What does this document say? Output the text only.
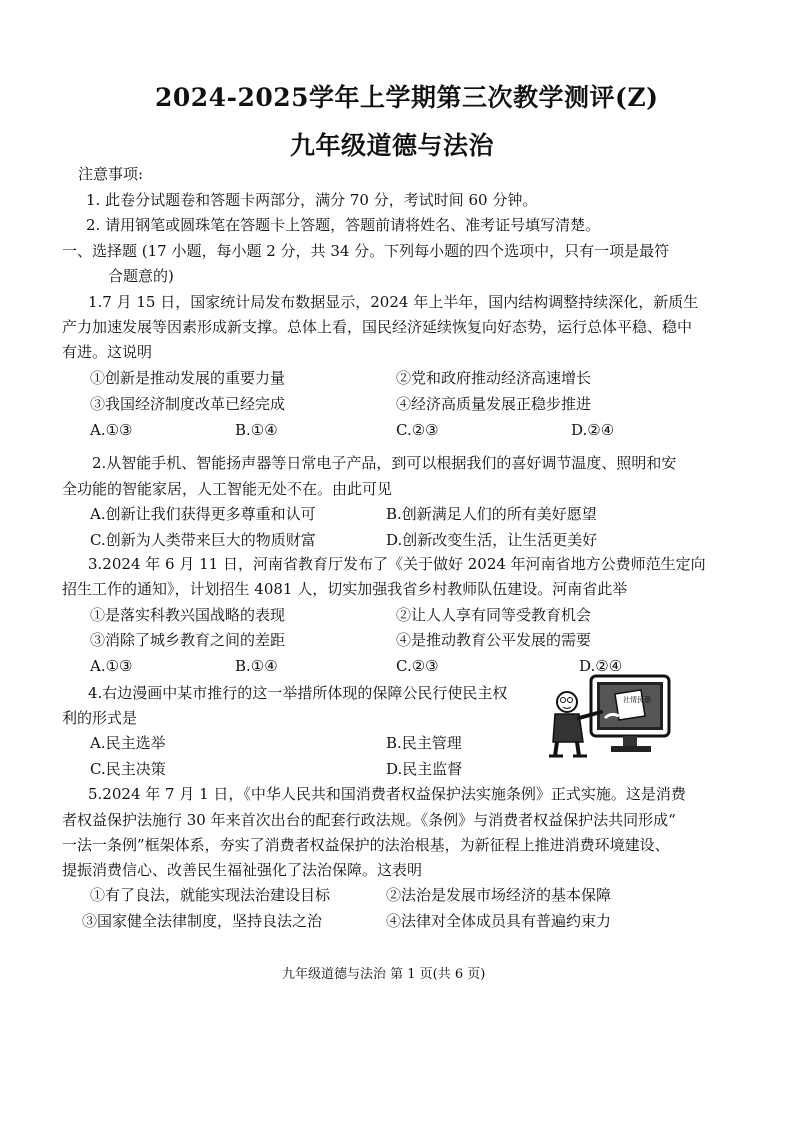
2024-2025学年上学期第三次教学测评(Z)
九年级道德与法治
注意事项:
1. 此卷分试题卷和答题卡两部分，满分 70 分，考试时间 60 分钟。
2. 请用钢笔或圆珠笔在答题卡上答题，答题前请将姓名、准考证号填写清楚。
一、选择题 (17 小题，每小题 2 分，共 34 分。下列每小题的四个选项中，只有一项是最符
合题意的)
1.7 月 15 日，国家统计局发布数据显示，2024 年上半年，国内结构调整持续深化，新质生
产力加速发展等因素形成新支撑。总体上看，国民经济延续恢复向好态势，运行总体平稳、稳中
有进。这说明
①创新是推动发展的重要力量	②党和政府推动经济高速增长
③我国经济制度改革已经完成	④经济高质量发展正稳步推进
A.①③	B.①④	C.②③	D.②④
2.从智能手机、智能扬声器等日常电子产品，到可以根据我们的喜好调节温度、照明和安
全功能的智能家居，人工智能无处不在。由此可见
A.创新让我们获得更多尊重和认可	B.创新满足人们的所有美好愿望
C.创新为人类带来巨大的物质财富	D.创新改变生活，让生活更美好
3.2024 年 6 月 11 日，河南省教育厅发布了《关于做好 2024 年河南省地方公费师范生定向
招生工作的通知》，计划招生 4081 人，切实加强我省乡村教师队伍建设。河南省此举
①是落实科教兴国战略的表现	②让人人享有同等受教育机会
③消除了城乡教育之间的差距	④是推动教育公平发展的需要
A.①③	B.①④	C.②③	D.②④
4.右边漫画中某市推行的这一举措所体现的保障公民行使民主权
利的形式是
A.民主选举	B.民主管理
C.民主决策	D.民主监督
社情民意
5.2024 年 7 月 1 日，《中华人民共和国消费者权益保护法实施条例》正式实施。这是消费
者权益保护法施行 30 年来首次出台的配套行政法规。《条例》与消费者权益保护法共同形成“
一法一条例”框架体系，夯实了消费者权益保护的法治根基，为新征程上推进消费环境建设、
提振消费信心、改善民生福祉强化了法治保障。这表明
①有了良法，就能实现法治建设目标	②法治是发展市场经济的基本保障
③国家健全法律制度，坚持良法之治	④法律对全体成员具有普遍约束力
九年级道德与法治 第 1 页(共 6 页)
